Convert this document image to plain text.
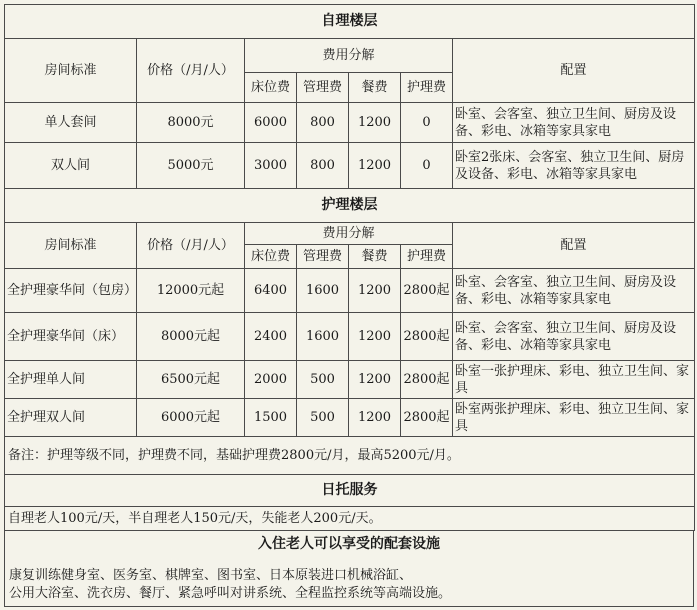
自理楼层						
房间标准	价格（/月/人）	费用分解				配置
		床位费	管理费	餐费	护理费	
单人套间	8000元	6000	800	1200	0	卧室、会客室、独立卫生间、厨房及设备、彩电、冰箱等家具家电
双人间	5000元	3000	800	1200	0	卧室2张床、会客室、独立卫生间、厨房及设备、彩电、冰箱等家具家电
护理楼层						
房间标准	价格（/月/人）	费用分解				配置
		床位费	管理费	餐费	护理费	
全护理豪华间（包房）	12000元起	6400	1600	1200	2800起	卧室、会客室、独立卫生间、厨房及设备、彩电、冰箱等家具家电
全护理豪华间（床）	8000元起	2400	1600	1200	2800起	卧室、会客室、独立卫生间、厨房及设备、彩电、冰箱等家具家电
全护理单人间	6500元起	2000	500	1200	2800起	卧室一张护理床、彩电、独立卫生间、家具
全护理双人间	6000元起	1500	500	1200	2800起	卧室两张护理床、彩电、独立卫生间、家具
备注：护理等级不同，护理费不同，基础护理费2800元/月，最高5200元/月。						
日托服务						
自理老人100元/天，半自理老人150元/天，失能老人200元/天。						
入住老人可以享受的配套设施
康复训练健身室、医务室、棋牌室、图书室、日本原装进口机械浴缸、
公用大浴室、洗衣房、餐厅、紧急呼叫对讲系统、全程监控系统等高端设施。
